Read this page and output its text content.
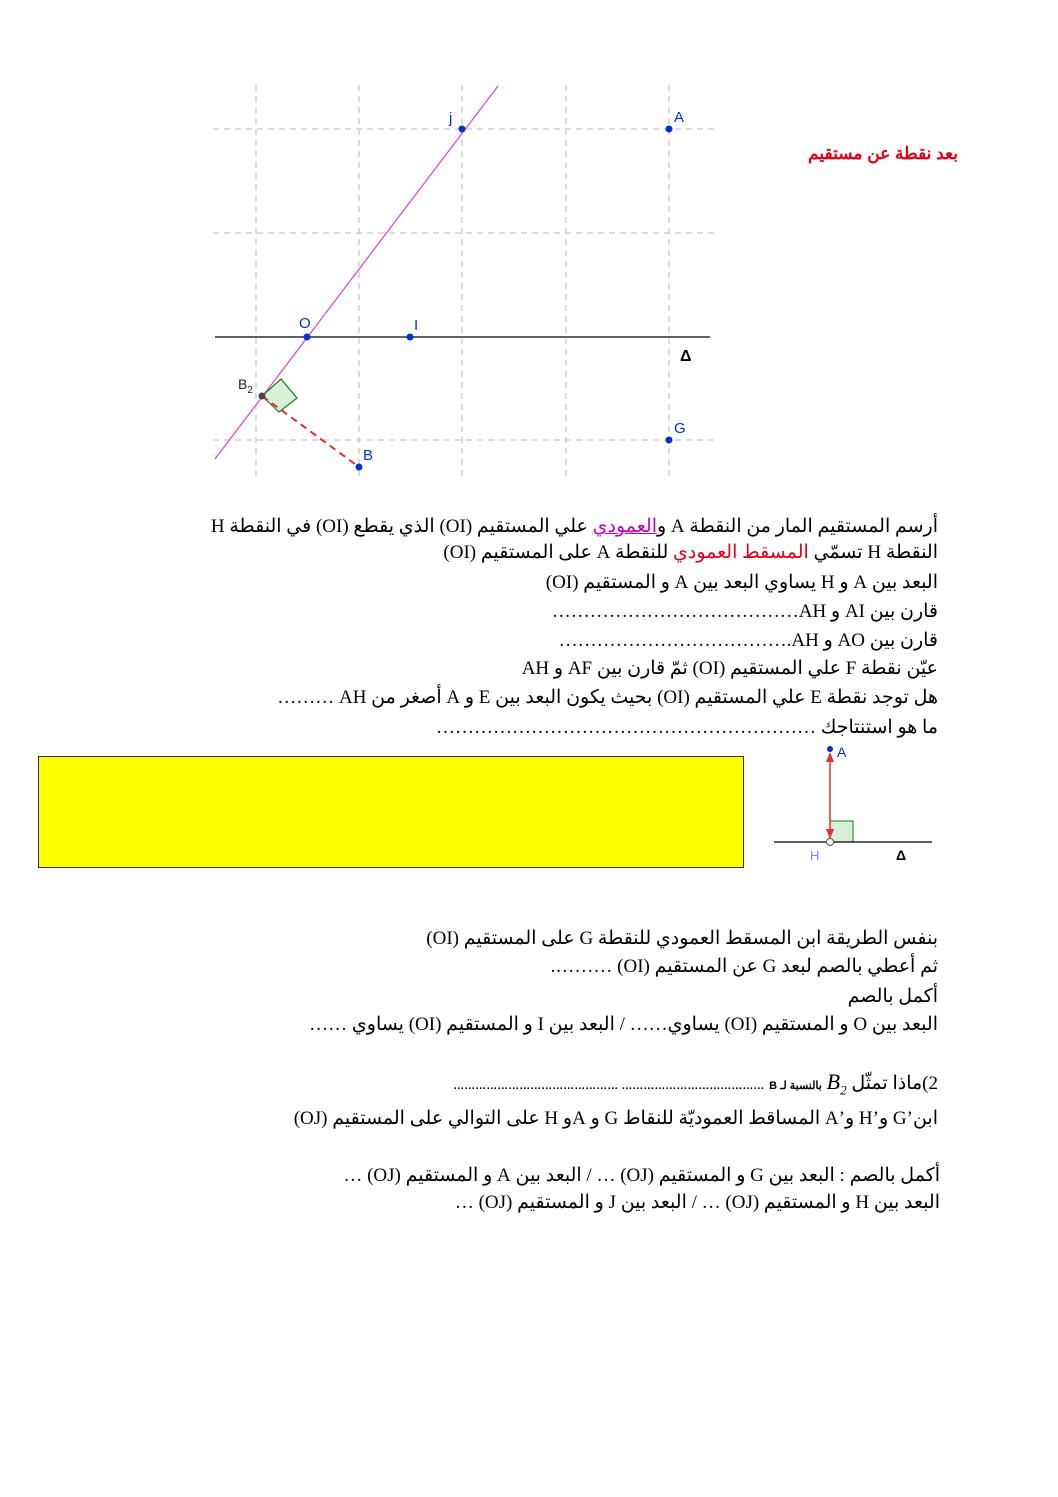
j	A
O	I
G
B
Δ
$B_2$
بعد نقطة عن مستقيم
أرسم المستقيم المار من النقطة A والعمودي علي المستقيم (OI) الذي يقطع (OI) في النقطة H
النقطة H تسمّي المسقط العمودي للنقطة A على المستقيم (OI)
البعد بين A و H يساوي البعد بين A و المستقيم (OI)
قارن بين AI و AH…………………………………
قارن بين AO و AH.………………………………
عيّن نقطة F علي المستقيم (OI) ثمّ قارن بين AF و AH
هل توجد نقطة E علي المستقيم (OI) بحيث يكون البعد بين E و A أصغر من AH ………
ما هو استنتاجك ……………………………………………………
A
H	Δ
بنفس الطريقة ابن المسقط العمودي للنقطة G على المستقيم (OI)
ثم أعطي بالصم لبعد G عن المستقيم (OI) ……….
أكمل بالصم
البعد بين O و المستقيم (OI) يساوي…… / البعد بين I و المستقيم (OI) يساوي ……
2)ماذا تمثّل $B_2$ بالنسبة لـ B ………………………………… ………………………………………
ابن’G و’H و’A المساقط العموديّة للنقاط G و Aو H على التوالي على المستقيم (OJ)
أكمل بالصم : البعد بين G و المستقيم (OJ) … / البعد بين A و المستقيم (OJ) …
البعد بين H و المستقيم (OJ) … / البعد بين J و المستقيم (OJ) …
